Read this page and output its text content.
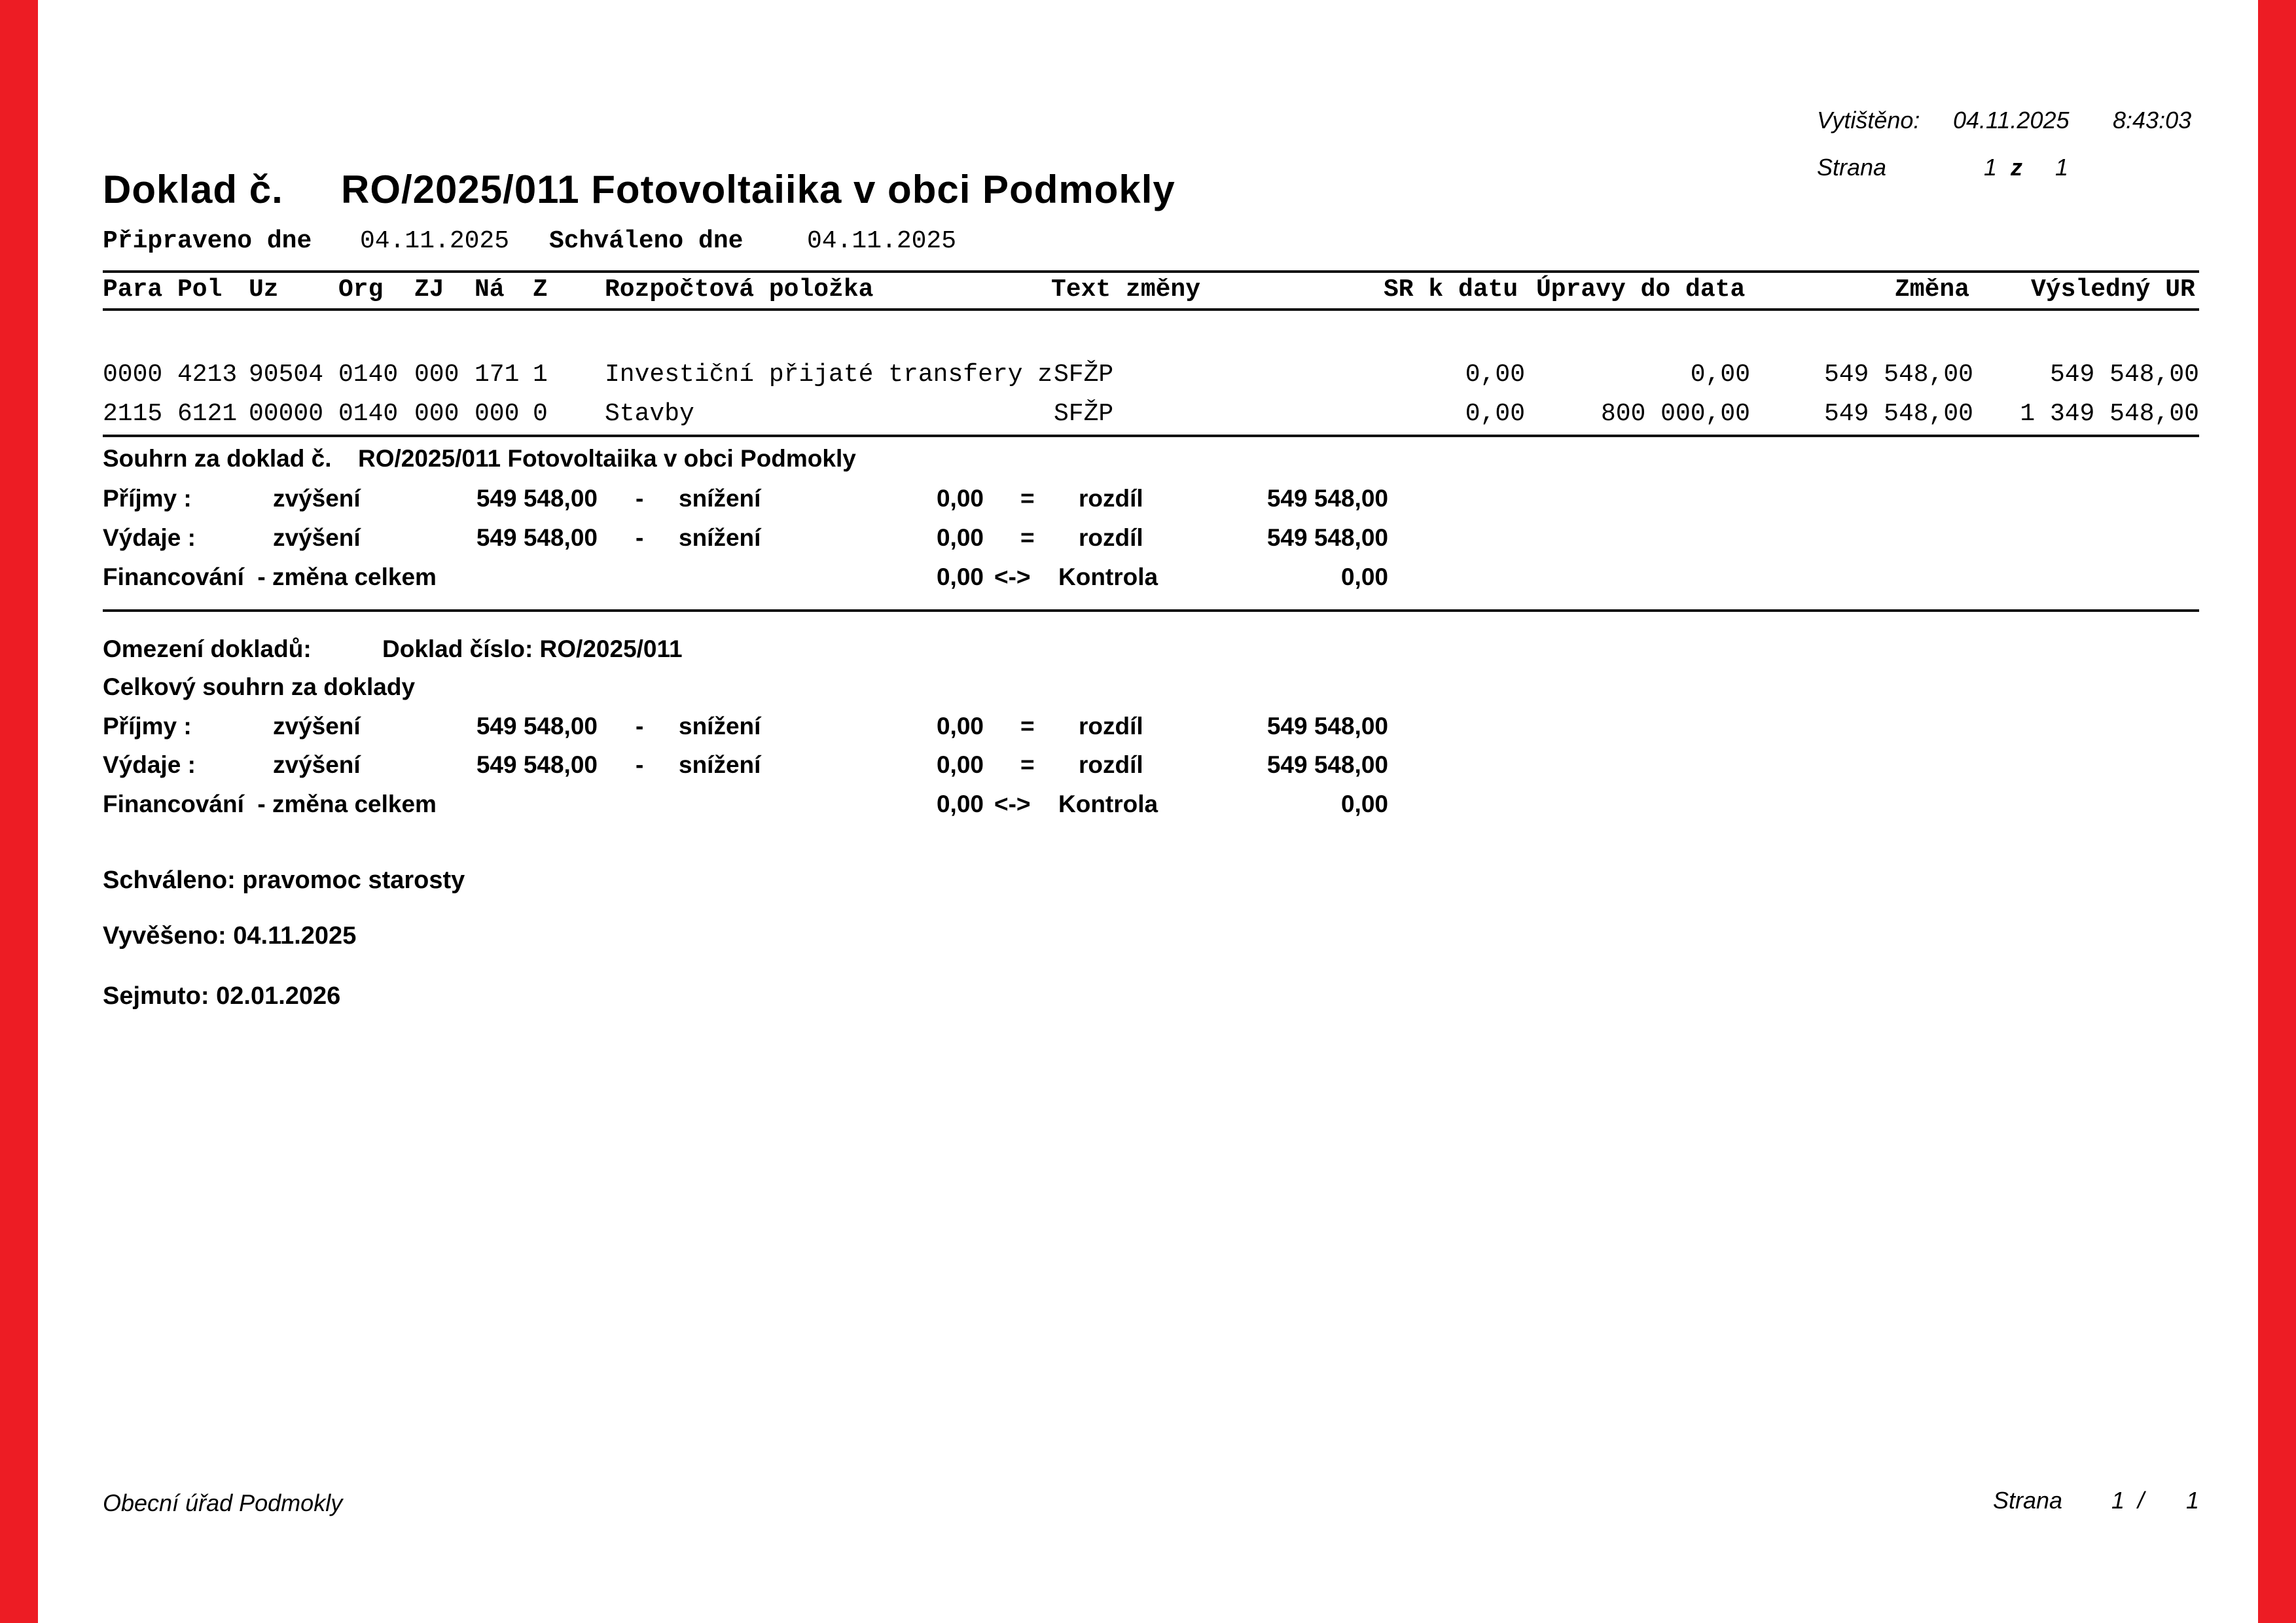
Vytištěno: 04.11.2025 8:43:03
Strana	1 z 1
Doklad č. RO/2025/011 Fotovoltaiika v obci Podmokly
Připraveno dne 04.11.2025 Schváleno dne	04.11.2025
Para Pol Uz Org ZJ Ná Z Rozpočtová položka	Text změny	SR k datu Úpravy do data	Změna Výsledný UR
0000 4213 90504 0140 000 171 1 Investiční přijaté transfery z SFŽP	0,00	0,00	549 548,00	549 548,00
2115 6121 00000 0140 000 000 0 Stavby	SFŽP	0,00	800 000,00	549 548,00 1 349 548,00
Souhrn za doklad č. RO/2025/011 Fotovoltaiika v obci Podmokly
Příjmy :	zvýšení	549 548,00 - snížení	0,00 = rozdíl	549 548,00
Výdaje :	zvýšení	549 548,00 - snížení	0,00 = rozdíl	549 548,00
Financování  - změna celkem	0,00 <-> Kontrola	0,00
Omezení dokladů:	Doklad číslo: RO/2025/011
Celkový souhrn za doklady
Příjmy :	zvýšení	549 548,00 - snížení	0,00 = rozdíl	549 548,00
Výdaje :	zvýšení	549 548,00 - snížení	0,00 = rozdíl	549 548,00
Financování  - změna celkem	0,00 <-> Kontrola	0,00
Schváleno: pravomoc starosty
Vyvěšeno: 04.11.2025
Sejmuto: 02.01.2026
Obecní úřad Podmokly	Strana 1 / 1
